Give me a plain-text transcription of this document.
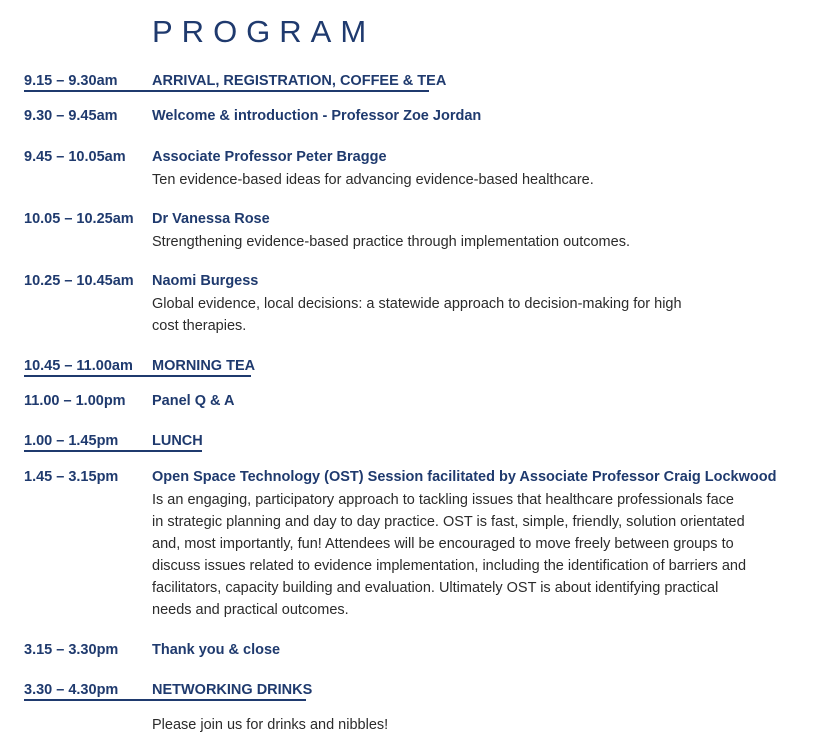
PROGRAM
9.15 – 9.30am ARRIVAL, REGISTRATION, COFFEE & TEA
9.30 – 9.45am Welcome & introduction - Professor Zoe Jordan
9.45 – 10.05am Associate Professor Peter Bragge
Ten evidence-based ideas for advancing evidence-based healthcare.
10.05 – 10.25am Dr Vanessa Rose
Strengthening evidence-based practice through implementation outcomes.
10.25 – 10.45am Naomi Burgess
Global evidence, local decisions: a statewide approach to decision-making for high
cost therapies.
10.45 – 11.00am MORNING TEA
11.00 – 1.00pm Panel Q & A
1.00 – 1.45pm LUNCH
1.45 – 3.15pm Open Space Technology (OST) Session facilitated by Associate Professor Craig Lockwood
Is an engaging, participatory approach to tackling issues that healthcare professionals face
in strategic planning and day to day practice. OST is fast, simple, friendly, solution orientated
and, most importantly, fun! Attendees will be encouraged to move freely between groups to
discuss issues related to evidence implementation, including the identification of barriers and
facilitators, capacity building and evaluation. Ultimately OST is about identifying practical
needs and practical outcomes.
3.15 – 3.30pm Thank you & close
3.30 – 4.30pm NETWORKING DRINKS
Please join us for drinks and nibbles!
